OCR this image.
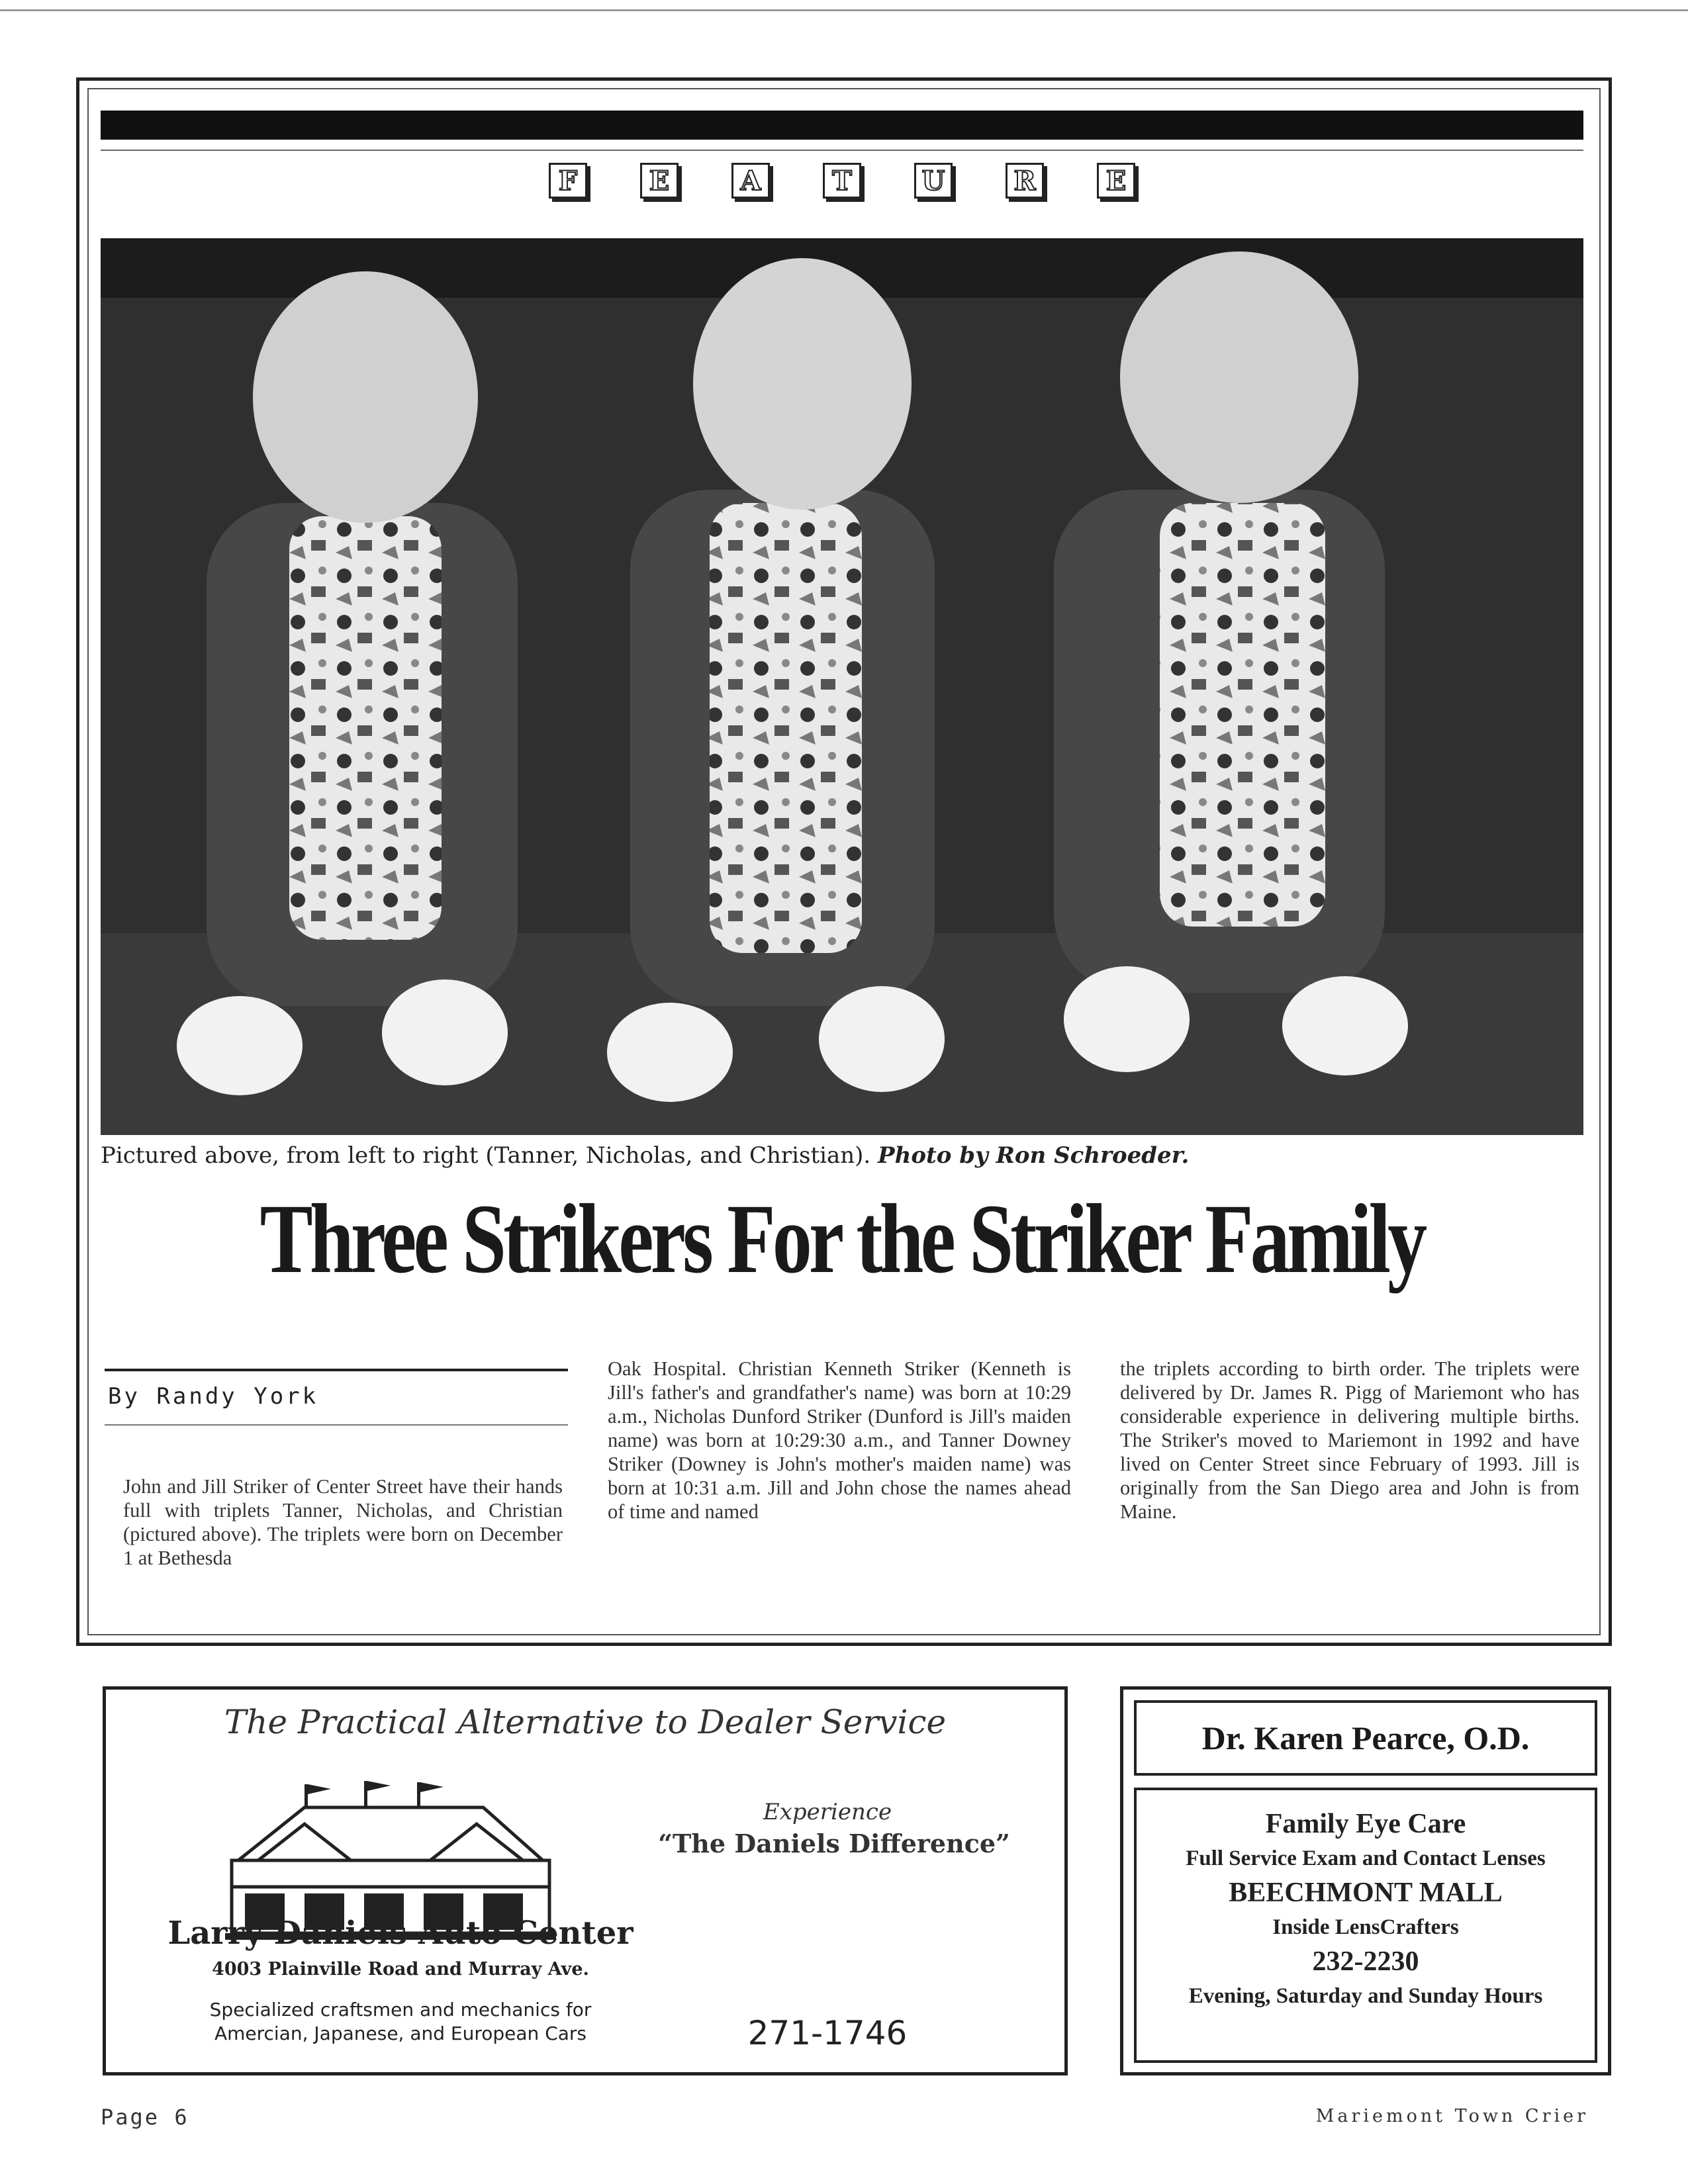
F	E	A	T	U	R	E
Pictured above, from left to right (Tanner, Nicholas, and Christian). Photo by Ron Schroeder.
Three Strikers For the Striker Family
By Randy York
John and Jill Striker of Center Street have their hands full with triplets Tanner, Nicholas, and Christian (pictured above). The triplets were born on December 1 at Bethesda
Oak Hospital. Christian Kenneth Striker (Kenneth is Jill's father's and grandfather's name) was born at 10:29 a.m., Nicholas Dunford Striker (Dunford is Jill's maiden name) was born at 10:29:30 a.m., and Tanner Downey Striker (Downey is John's mother's maiden name) was born at 10:31 a.m. Jill and John chose the names ahead of time and named
the triplets according to birth order. The triplets were delivered by Dr. James R. Pigg of Mariemont who has considerable experience in delivering multiple births. The Striker's moved to Mariemont in 1992 and have lived on Center Street since February of 1993. Jill is originally from the San Diego area and John is from Maine.
The Practical Alternative to Dealer Service
Experience
“The Daniels Difference”
Larry Daniels Auto Center
4003 Plainville Road and Murray Ave.
Specialized craftsmen and mechanics for
Amercian, Japanese, and European Cars	271-1746
Dr. Karen Pearce, O.D.
Family Eye Care
Full Service Exam and Contact Lenses
BEECHMONT MALL
Inside LensCrafters
232-2230
Evening, Saturday and Sunday Hours
Page 6	Mariemont Town Crier
